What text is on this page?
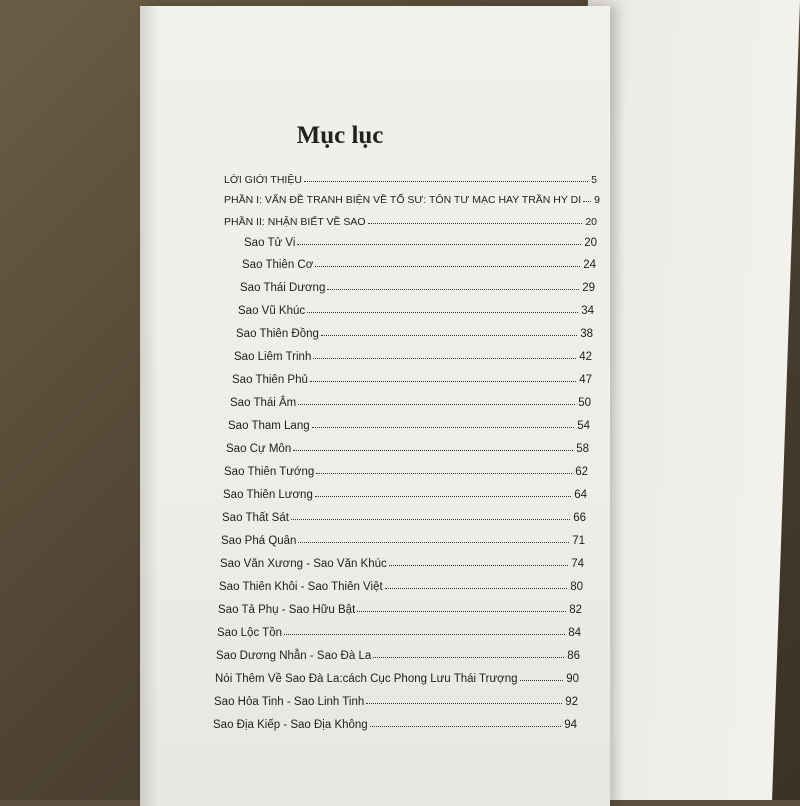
Mục lục
LỜI GIỚI THIỆU	5
PHẦN I: VẤN ĐỀ TRANH BIỆN VỀ TỔ SƯ: TÔN TƯ MẠC HAY TRẦN HY DI 9
PHẦN II: NHẬN BIẾT VỀ SAO	20
Sao Tử Vi	20
Sao Thiên Cơ	24
Sao Thái Dương	29
Sao Vũ Khúc	34
Sao Thiên Đồng	38
Sao Liêm Trinh	42
Sao Thiên Phủ	47
Sao Thái Âm	50
Sao Tham Lang	54
Sao Cự Môn	58
Sao Thiên Tướng	62
Sao Thiên Lương	64
Sao Thất Sát	66
Sao Phá Quân	71
Sao Văn Xương - Sao Văn Khúc	74
Sao Thiên Khôi - Sao Thiên Việt	80
Sao Tả Phụ - Sao Hữu Bật	82
Sao Lộc Tồn	84
Sao Dương Nhẫn - Sao Đà La	86
Nói Thêm Về Sao Đà La:cách Cục Phong Lưu Thái Trượng	90
Sao Hỏa Tinh - Sao Linh Tinh	92
Sao Địa Kiếp - Sao Địa Không	94
